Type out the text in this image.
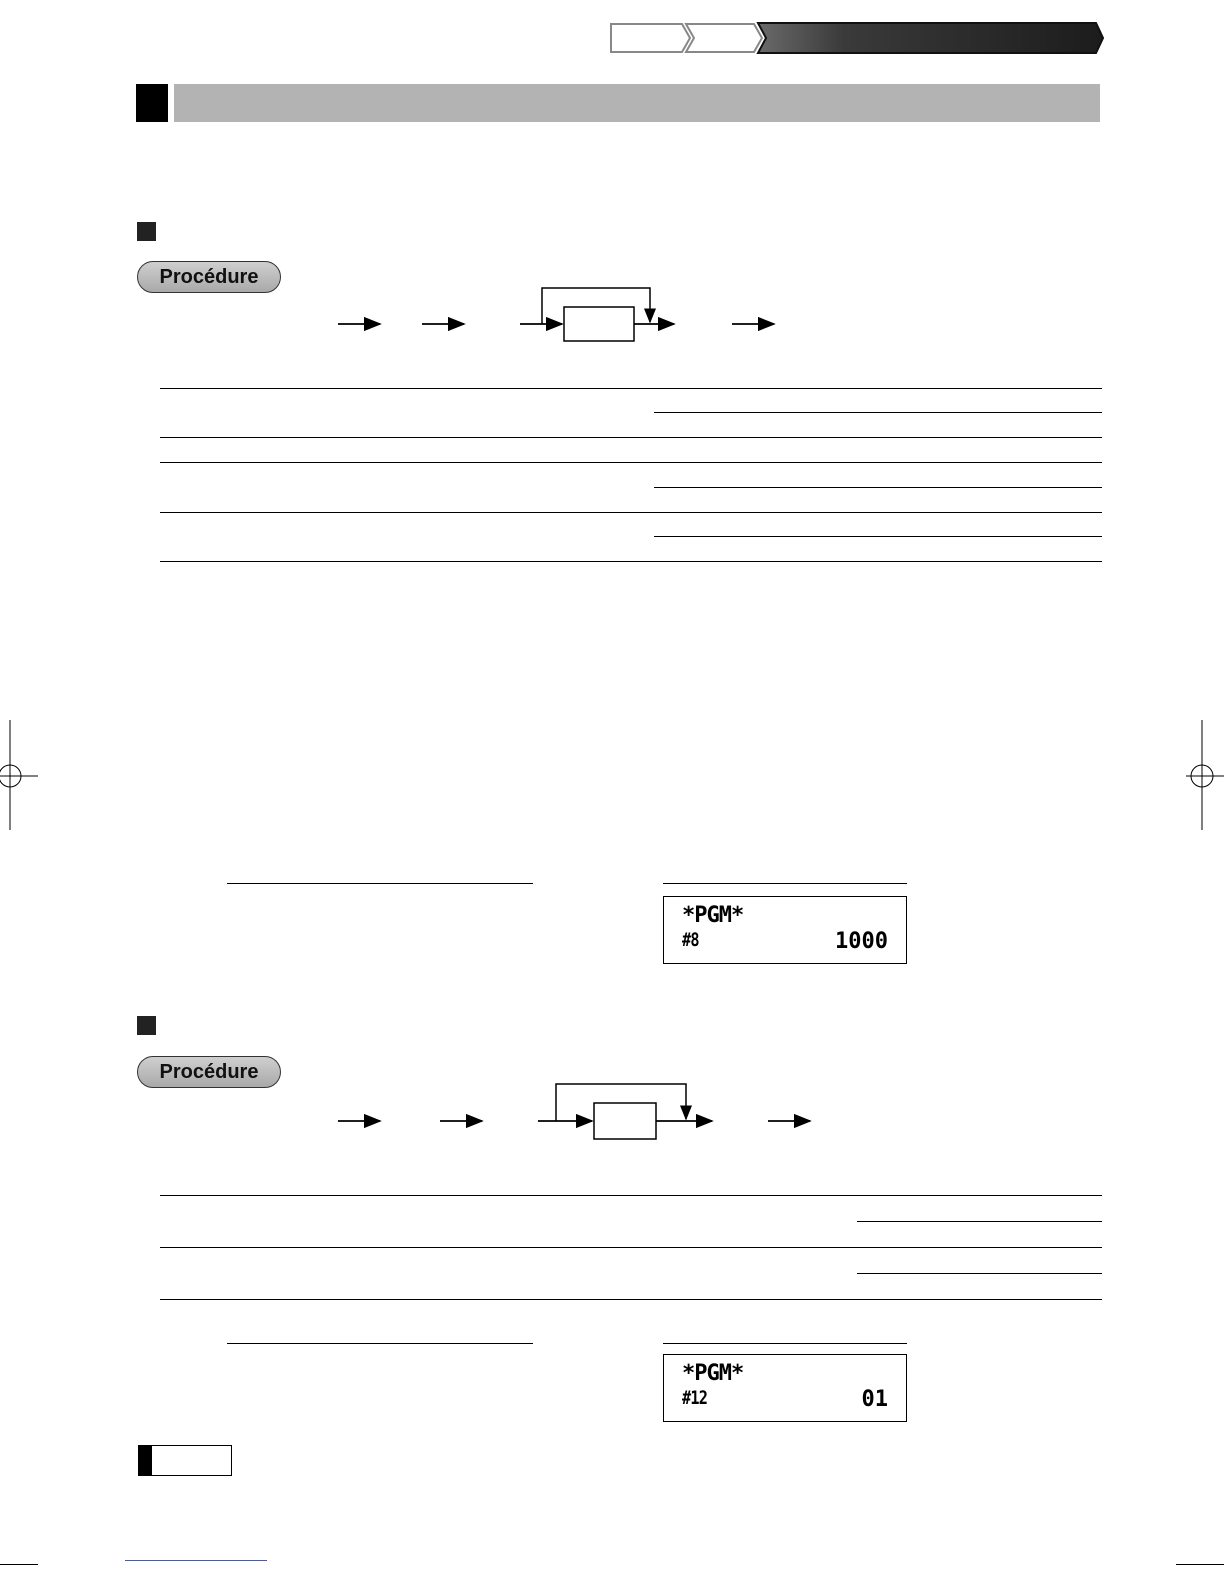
Procédure
*PGM*
#8	1000
Procédure
*PGM*
#12	01
